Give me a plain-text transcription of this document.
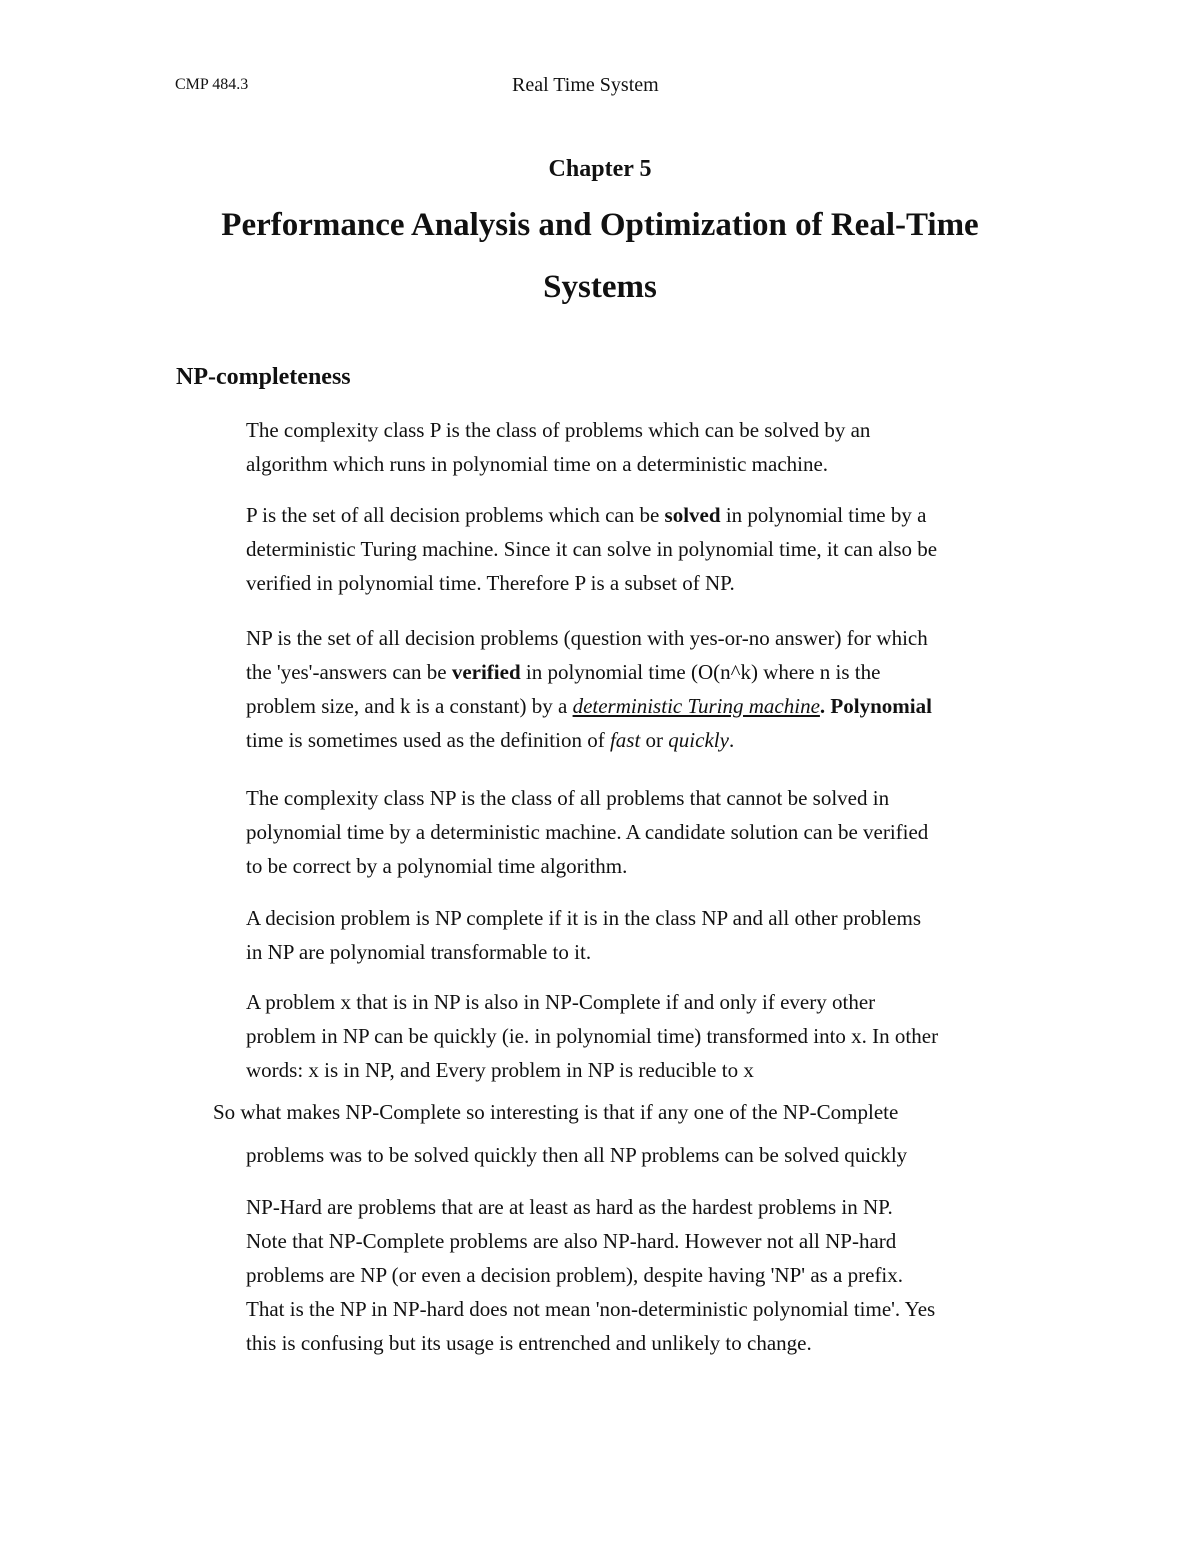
CMP 484.3	Real Time System
Chapter 5
Performance Analysis and Optimization of Real-Time
Systems
NP-completeness
The complexity class P is the class of problems which can be solved by an
algorithm which runs in polynomial time on a deterministic machine.
P is the set of all decision problems which can be solved in polynomial time by a
deterministic Turing machine. Since it can solve in polynomial time, it can also be
verified in polynomial time. Therefore P is a subset of NP.
NP is the set of all decision problems (question with yes-or-no answer) for which
the 'yes'-answers can be verified in polynomial time (O(n^k) where n is the
problem size, and k is a constant) by a deterministic Turing machine. Polynomial
time is sometimes used as the definition of fast or quickly.
The complexity class NP is the class of all problems that cannot be solved in
polynomial time by a deterministic machine. A candidate solution can be verified
to be correct by a polynomial time algorithm.
A decision problem is NP complete if it is in the class NP and all other problems
in NP are polynomial transformable to it.
A problem x that is in NP is also in NP-Complete if and only if every other
problem in NP can be quickly (ie. in polynomial time) transformed into x. In other
words: x is in NP, and Every problem in NP is reducible to x
So what makes NP-Complete so interesting is that if any one of the NP-Complete
problems was to be solved quickly then all NP problems can be solved quickly
NP-Hard are problems that are at least as hard as the hardest problems in NP.
Note that NP-Complete problems are also NP-hard. However not all NP-hard
problems are NP (or even a decision problem), despite having 'NP' as a prefix.
That is the NP in NP-hard does not mean 'non-deterministic polynomial time'. Yes
this is confusing but its usage is entrenched and unlikely to change.
